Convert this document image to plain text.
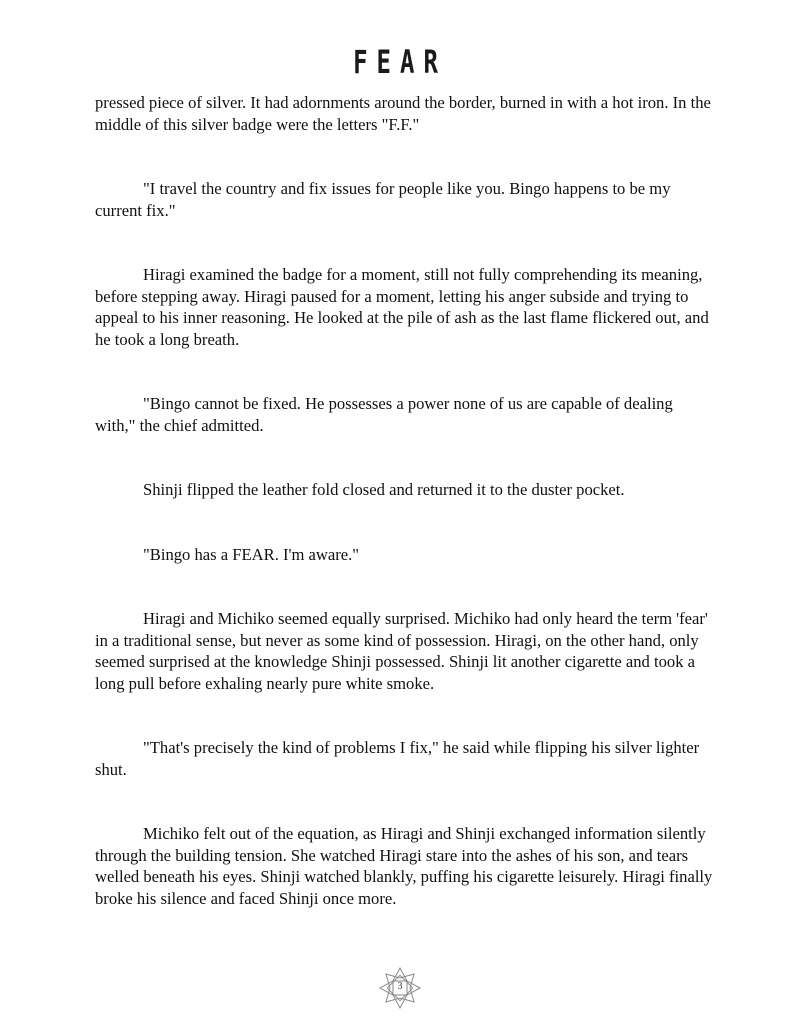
FEAR

pressed piece of silver. It had adornments around the border, burned in with a hot iron. In the middle of this silver badge were the letters "F.F."

"I travel the country and fix issues for people like you. Bingo happens to be my current fix."

Hiragi examined the badge for a moment, still not fully comprehending its meaning, before stepping away. Hiragi paused for a moment, letting his anger subside and trying to appeal to his inner reasoning. He looked at the pile of ash as the last flame flickered out, and he took a long breath.

"Bingo cannot be fixed. He possesses a power none of us are capable of dealing with," the chief admitted.

Shinji flipped the leather fold closed and returned it to the duster pocket.

"Bingo has a FEAR. I'm aware."

Hiragi and Michiko seemed equally surprised. Michiko had only heard the term 'fear' in a traditional sense, but never as some kind of possession. Hiragi, on the other hand, only seemed surprised at the knowledge Shinji possessed. Shinji lit another cigarette and took a long pull before exhaling nearly pure white smoke.

"That's precisely the kind of problems I fix," he said while flipping his silver lighter shut.

Michiko felt out of the equation, as Hiragi and Shinji exchanged information silently through the building tension. She watched Hiragi stare into the ashes of his son, and tears welled beneath his eyes. Shinji watched blankly, puffing his cigarette leisurely. Hiragi finally broke his silence and faced Shinji once more.

3
